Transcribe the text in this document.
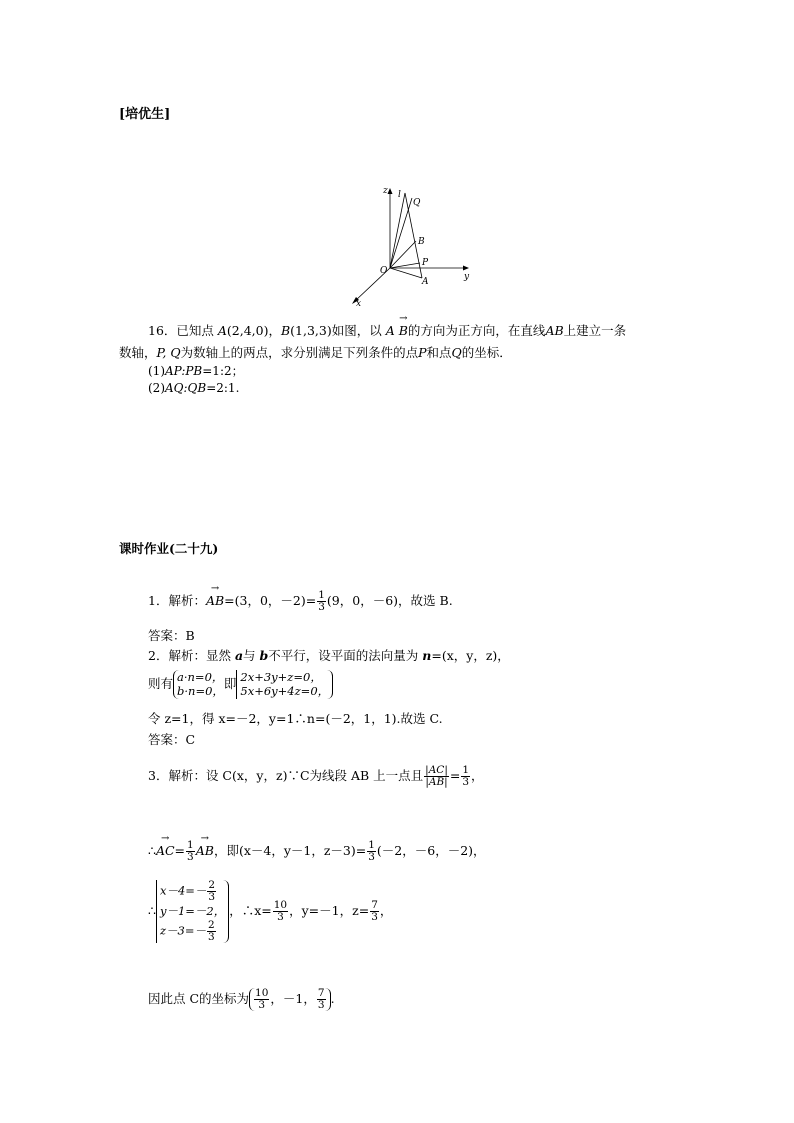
[培优生]
z l
Q
B
P
A
O
y
x
16．已知点 A(2,4,0)，B(1,3,3)如图，以 A → B的方向为正方向，在直线AB上建立一条
数轴，P, Q为数轴上的两点，求分别满足下列条件的点P和点Q的坐标．
(1)AP:PB=1:2；
(2)AQ:QB=2:1.
课时作业(二十九)
1．解析：→ AB=(3，0，$-2)= \frac{1}{3} (9$，0，－6)，故选 B.
答案：B
2．解析：显然 a与 b不平行，设平面的法向量为 n=(x，y，z)，
则有 a·n=0，
b·n=0，
即 2x+3y+z=0，
5x+6y+4z=0，
令 z=1，得 x=－2，y=1∴n=(－2，1，1).故选 C.
答案：C
3．解析：设 C(x，y，z)∵C为线段 AB 上一点且 $\frac{|AC|}{|AB|} = \frac{1}{3}$ ，
∴→ $AC= \frac{1}{3}$ → AB，即(x－4，y－1，$z-3)= \frac{1}{3} (-2$，－6，－2)，
∴
$x-4=- \frac{2}{3}$
y－1=－2，
$z-3=- \frac{2}{3}$
，∴x= $\frac{10}{3}$ ，y=－1，$z= \frac{7}{3}$ ，
因此点 C的坐标为 $\frac{10}{3}$ ，－1， $\frac{7}{3}$ .
